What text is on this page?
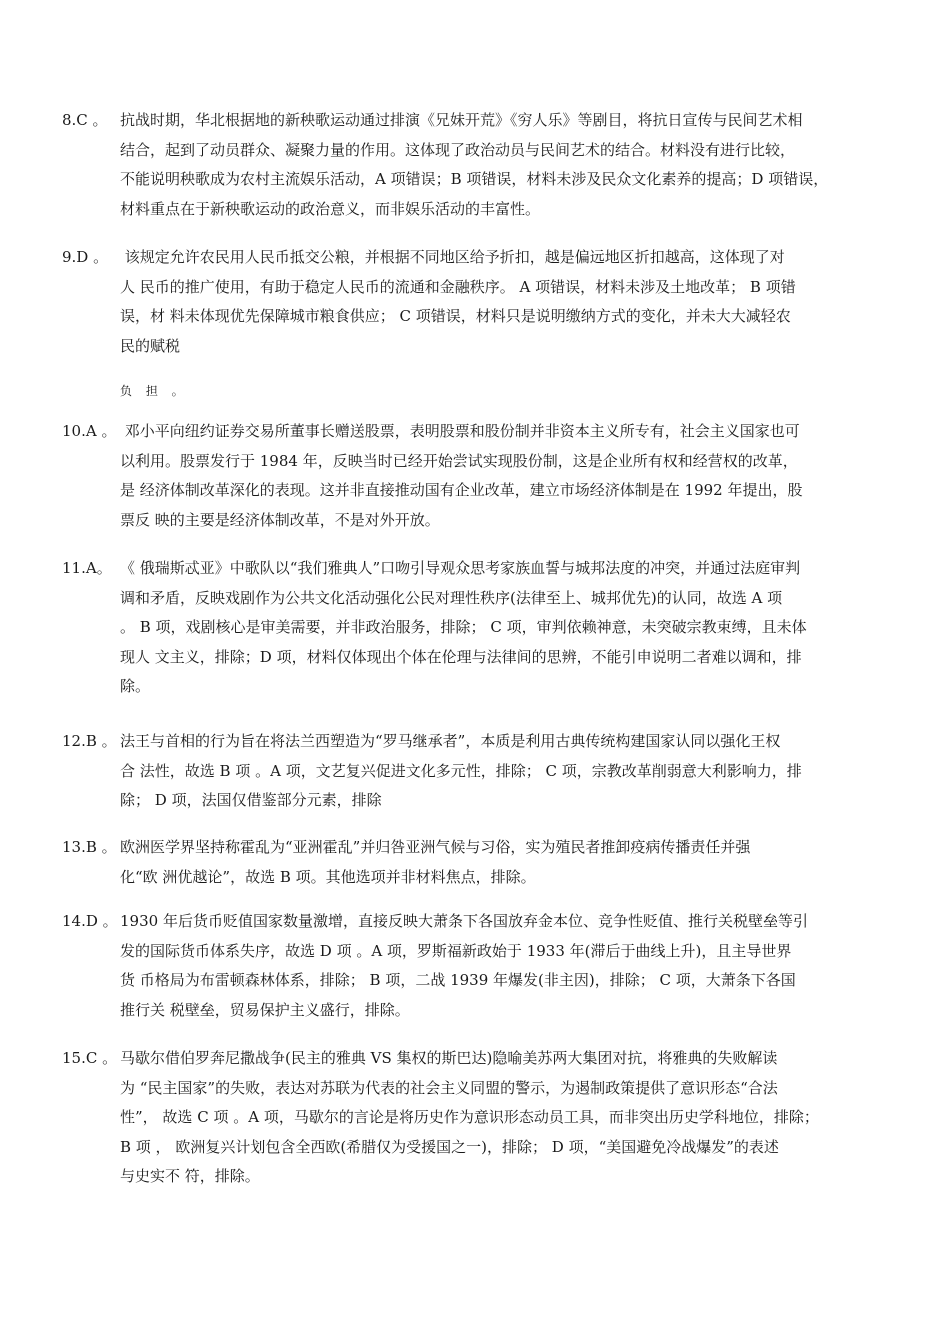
8.C 。 抗战时期，华北根据地的新秧歌运动通过排演《兄妹开荒》《穷人乐》等剧目，将抗日宣传与民间艺术相
结合，起到了动员群众、凝聚力量的作用。这体现了政治动员与民间艺术的结合。材料没有进行比较，
不能说明秧歌成为农村主流娱乐活动，A 项错误；B 项错误，材料未涉及民众文化素养的提高；D 项错误，
材料重点在于新秧歌运动的政治意义，而非娱乐活动的丰富性。
9.D 。 该规定允许农民用人民币抵交公粮，并根据不同地区给予折扣，越是偏远地区折扣越高，这体现了对
人 民币的推广使用，有助于稳定人民币的流通和金融秩序。 A 项错误，材料未涉及土地改革； B 项错
误，材 料未体现优先保障城市粮食供应； C 项错误，材料只是说明缴纳方式的变化，并未大大减轻农
民的赋税
负 担 。
10.A 。 邓小平向纽约证券交易所董事长赠送股票，表明股票和股份制并非资本主义所专有，社会主义国家也可
以利用。股票发行于 1984 年，反映当时已经开始尝试实现股份制，这是企业所有权和经营权的改革，
是 经济体制改革深化的表现。这并非直接推动国有企业改革，建立市场经济体制是在 1992 年提出，股
票反 映的主要是经济体制改革，不是对外开放。
11.A。 《 俄瑞斯忒亚》中歌队以“我们雅典人”口吻引导观众思考家族血誓与城邦法度的冲突，并通过法庭审判
调和矛盾，反映戏剧作为公共文化活动强化公民对理性秩序(法律至上、城邦优先)的认同，故选 A 项
。 B 项，戏剧核心是审美需要，并非政治服务，排除； C 项，审判依赖神意，未突破宗教束缚，且未体
现人 文主义，排除；D 项，材料仅体现出个体在伦理与法律间的思辨，不能引申说明二者难以调和，排
除。
12.B 。 法王与首相的行为旨在将法兰西塑造为“罗马继承者”，本质是利用古典传统构建国家认同以强化王权
合 法性，故选 B 项 。A 项，文艺复兴促进文化多元性，排除； C 项，宗教改革削弱意大利影响力，排
除； D 项，法国仅借鉴部分元素，排除
13.B 。 欧洲医学界坚持称霍乱为“亚洲霍乱”并归咎亚洲气候与习俗，实为殖民者推卸疫病传播责任并强
化“欧 洲优越论”，故选 B 项。其他选项并非材料焦点，排除。
14.D 。 1930 年后货币贬值国家数量激增，直接反映大萧条下各国放弃金本位、竞争性贬值、推行关税壁垒等引
发的国际货币体系失序，故选 D 项 。A 项，罗斯福新政始于 1933 年(滞后于曲线上升)，且主导世界
货 币格局为布雷顿森林体系，排除； B 项，二战 1939 年爆发(非主因)，排除； C 项，大萧条下各国
推行关 税壁垒，贸易保护主义盛行，排除。
15.C 。 马歇尔借伯罗奔尼撒战争(民主的雅典 VS 集权的斯巴达)隐喻美苏两大集团对抗，将雅典的失败解读
为 “民主国家”的失败，表达对苏联为代表的社会主义同盟的警示，为遏制政策提供了意识形态“合法
性”， 故选 C 项 。A 项，马歇尔的言论是将历史作为意识形态动员工具，而非突出历史学科地位，排除；
B 项 ， 欧洲复兴计划包含全西欧(希腊仅为受援国之一)，排除； D 项，“美国避免冷战爆发”的表述
与史实不 符，排除。
